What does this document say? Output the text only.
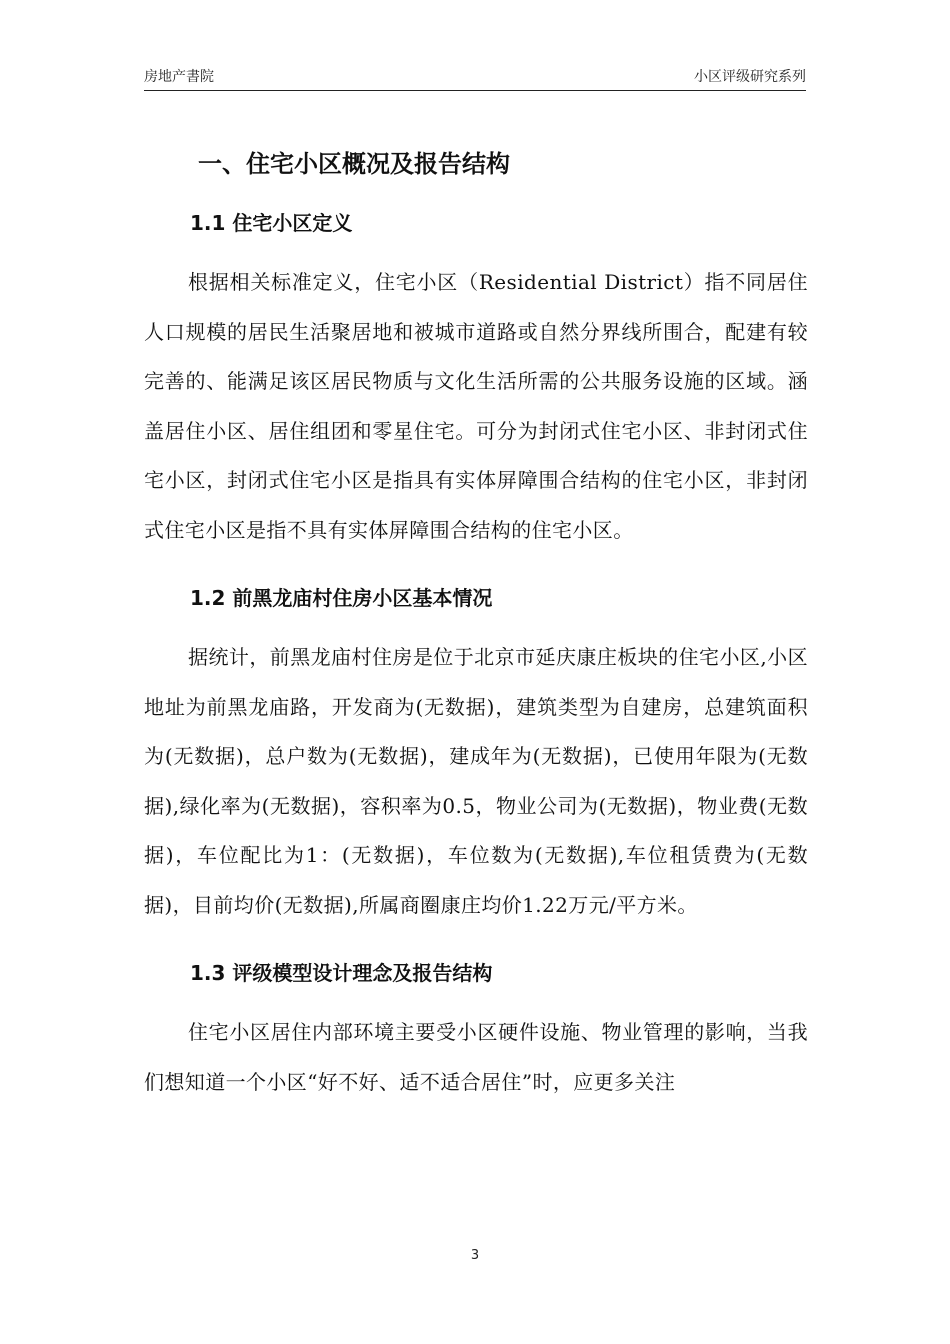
房地产書院	小区评级研究系列
一、住宅小区概况及报告结构
1.1 住宅小区定义

根据相关标准定义，住宅小区（Residential District）指不同居住人口规模的居民生活聚居地和被城市道路或自然分界线所围合，配建有较完善的、能满足该区居民物质与文化生活所需的公共服务设施的区域。涵盖居住小区、居住组团和零星住宅。可分为封闭式住宅小区、非封闭式住宅小区，封闭式住宅小区是指具有实体屏障围合结构的住宅小区，非封闭式住宅小区是指不具有实体屏障围合结构的住宅小区。

1.2 前黑龙庙村住房小区基本情况

据统计，前黑龙庙村住房是位于北京市延庆康庄板块的住宅小区,小区地址为前黑龙庙路，开发商为(无数据)，建筑类型为自建房，总建筑面积为(无数据)，总户数为(无数据)，建成年为(无数据)，已使用年限为(无数据),绿化率为(无数据)，容积率为0.5，物业公司为(无数据)，物业费(无数据)，车位配比为1：(无数据)，车位数为(无数据),车位租赁费为(无数据)，目前均价(无数据),所属商圈康庄均价1.22万元/平方米。

1.3 评级模型设计理念及报告结构

住宅小区居住内部环境主要受小区硬件设施、物业管理的影响，当我们想知道一个小区“好不好、适不适合居住”时，应更多关注

3
